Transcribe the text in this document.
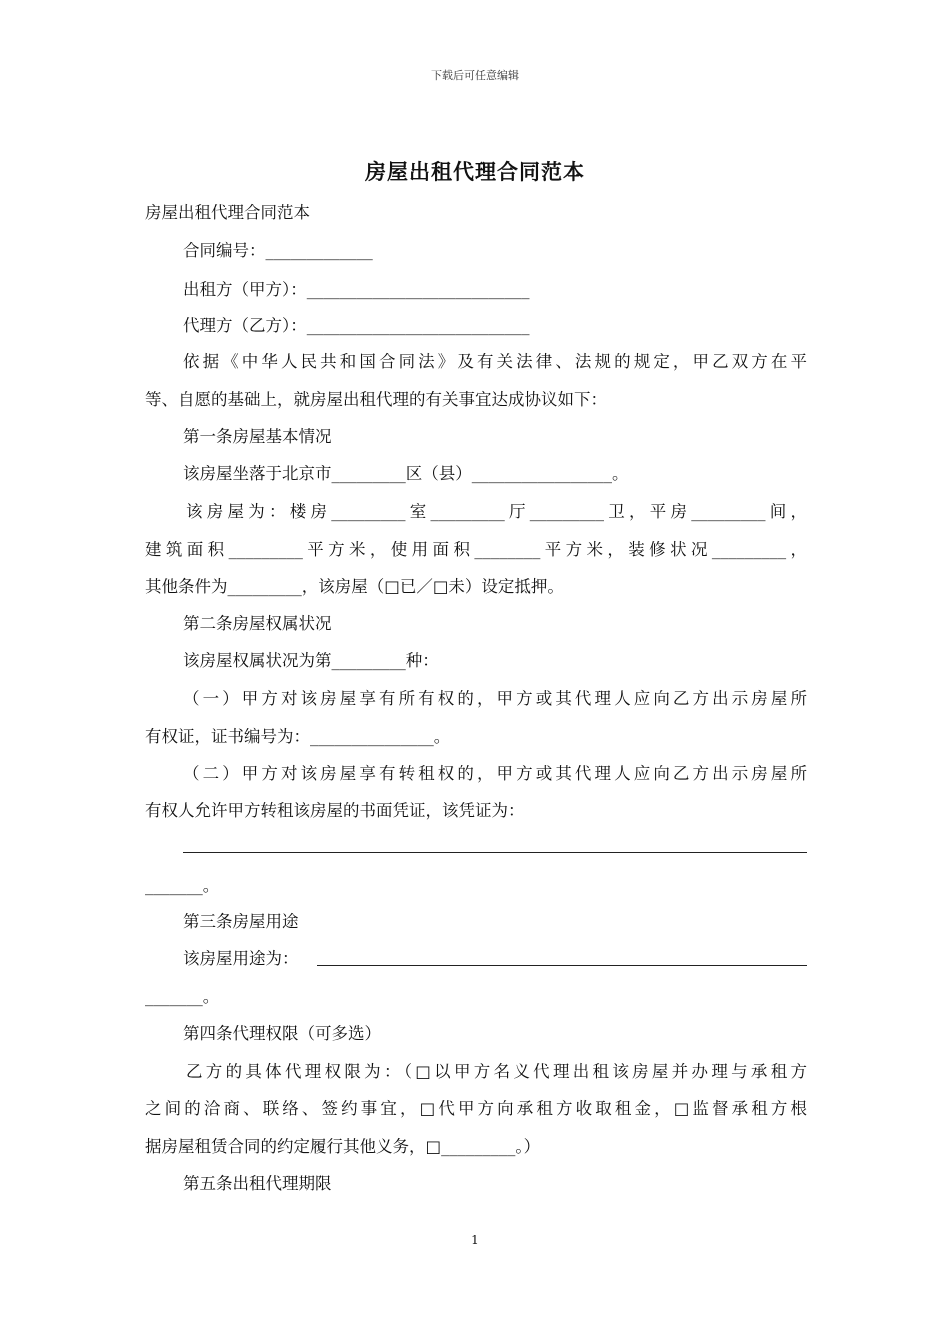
下载后可任意编辑
房屋出租代理合同范本
房屋出租代理合同范本
合同编号：_____________
出租方（甲方）：___________________________
代理方（乙方）：___________________________
依据《中华人民共和国合同法》及有关法律、法规的规定，甲乙双方在平
等、自愿的基础上，就房屋出租代理的有关事宜达成协议如下：
第一条房屋基本情况
该房屋坐落于北京市_________区（县）_________________。
该房屋为：楼房_________室_________厅_________卫，平房_________间，
建筑面积_________平方米，使用面积________平方米，装修状况_________，
其他条件为_________，该房屋（□已／□未）设定抵押。
第二条房屋权属状况
该房屋权属状况为第_________种：
（一）甲方对该房屋享有所有权的，甲方或其代理人应向乙方出示房屋所
有权证，证书编号为：_______________。
（二）甲方对该房屋享有转租权的，甲方或其代理人应向乙方出示房屋所
有权人允许甲方转租该房屋的书面凭证，该凭证为：
_______。
第三条房屋用途
该房屋用途为：
_______。
第四条代理权限（可多选）
乙方的具体代理权限为：（□以甲方名义代理出租该房屋并办理与承租方
之间的洽商、联络、签约事宜，□代甲方向承租方收取租金，□监督承租方根
据房屋租赁合同的约定履行其他义务，□_________。）
第五条出租代理期限
1
